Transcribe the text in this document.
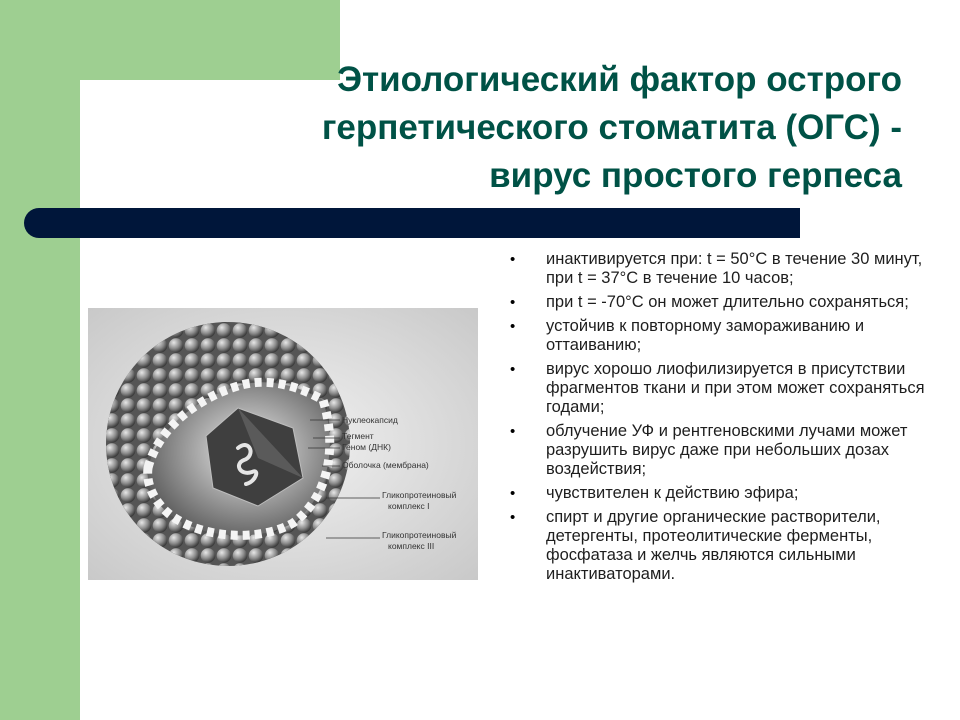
Этиологический фактор острого
герпетического стоматита (ОГС) -
вирус простого герпеса
Нуклеокапсид
Тегмент
Геном (ДНК)
Оболочка (мембрана)
Гликопротеиновый
комплекс I
Гликопротеиновый
комплекс III
• инактивируется при: t = 50°С в течение 30 минут, при t = 37°С в течение 10 часов;
• при t = -70°С он может длительно сохраняться;
• устойчив к повторному замораживанию и оттаиванию;
• вирус хорошо лиофилизируется в присутствии фрагментов ткани и при этом может сохраняться годами;
• облучение УФ и рентгеновскими лучами может разрушить вирус даже при небольших дозах воздействия;
• чувствителен к действию эфира;
• спирт и другие органические растворители, детергенты, протеолитические ферменты, фосфатаза и желчь являются сильными инактиваторами.
